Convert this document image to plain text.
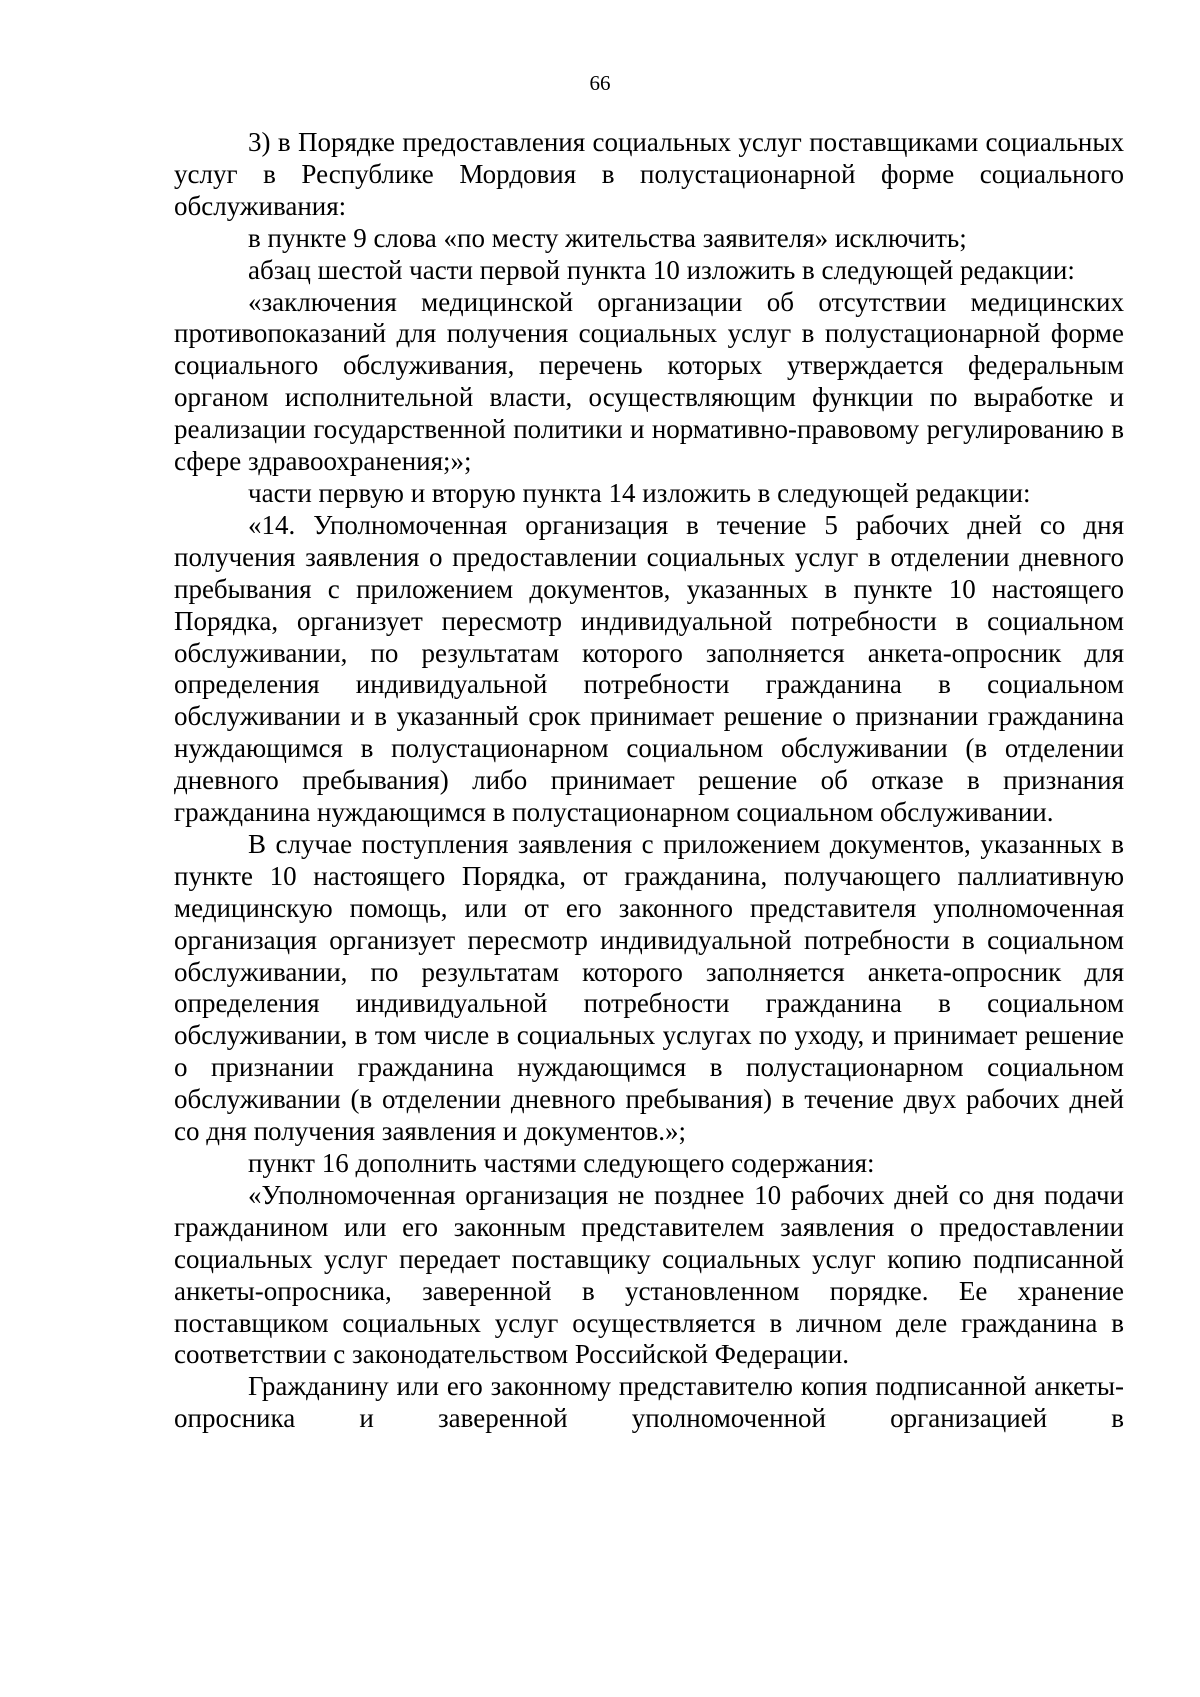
66

3) в Порядке предоставления социальных услуг поставщиками социальных услуг в Республике Мордовия в полустационарной форме социального обслуживания:

в пункте 9 слова «по месту жительства заявителя» исключить;

абзац шестой части первой пункта 10 изложить в следующей редакции:

«заключения медицинской организации об отсутствии медицинских противопоказаний для получения социальных услуг в полустационарной форме социального обслуживания, перечень которых утверждается федеральным органом исполнительной власти, осуществляющим функции по выработке и реализации государственной политики и нормативно-правовому регулированию в сфере здравоохранения;»;

части первую и вторую пункта 14 изложить в следующей редакции:

«14. Уполномоченная организация в течение 5 рабочих дней со дня получения заявления о предоставлении социальных услуг в отделении дневного пребывания с приложением документов, указанных в пункте 10 настоящего Порядка, организует пересмотр индивидуальной потребности в социальном обслуживании, по результатам которого заполняется анкета-опросник для определения индивидуальной потребности гражданина в социальном обслуживании и в указанный срок принимает решение о признании гражданина нуждающимся в полустационарном социальном обслуживании (в отделении дневного пребывания) либо принимает решение об отказе в признания гражданина нуждающимся в полустационарном социальном обслуживании.

В случае поступления заявления с приложением документов, указанных в пункте 10 настоящего Порядка, от гражданина, получающего паллиативную медицинскую помощь, или от его законного представителя уполномоченная организация организует пересмотр индивидуальной потребности в социальном обслуживании, по результатам которого заполняется анкета-опросник для определения индивидуальной потребности гражданина в социальном обслуживании, в том числе в социальных услугах по уходу, и принимает решение о признании гражданина нуждающимся в полустационарном социальном обслуживании (в отделении дневного пребывания) в течение двух рабочих дней со дня получения заявления и документов.»;

пункт 16 дополнить частями следующего содержания:

«Уполномоченная организация не позднее 10 рабочих дней со дня подачи гражданином или его законным представителем заявления о предоставлении социальных услуг передает поставщику социальных услуг копию подписанной анкеты-опросника, заверенной в установленном порядке. Ее хранение поставщиком социальных услуг осуществляется в личном деле гражданина в соответствии с законодательством Российской Федерации.

Гражданину или его законному представителю копия подписанной анкеты-опросника и заверенной уполномоченной организацией в
